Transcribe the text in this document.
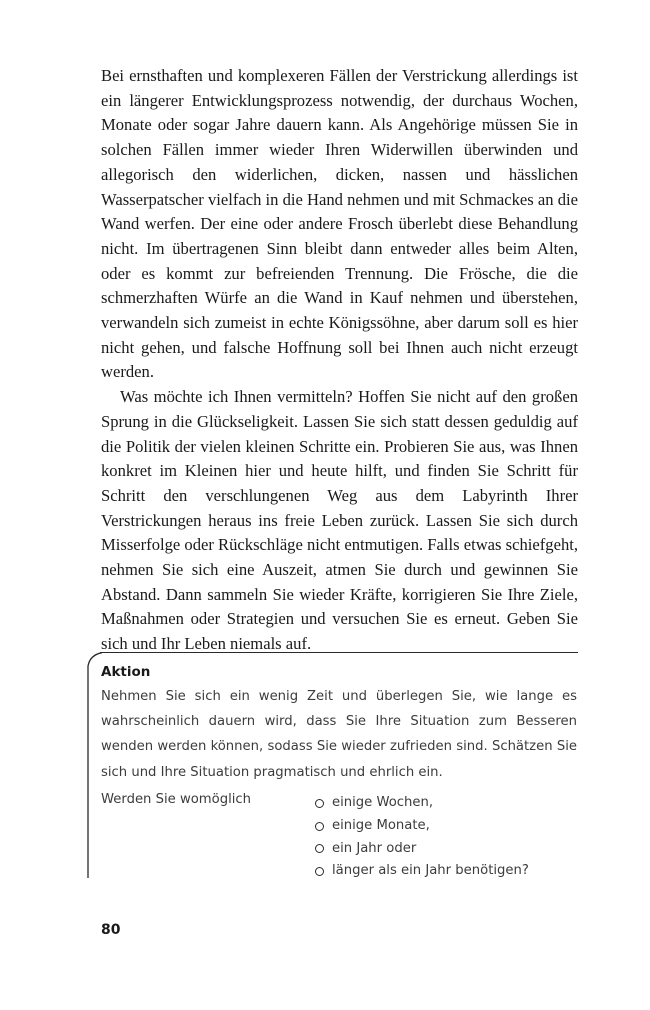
Bei ernsthaften und komplexeren Fällen der Verstrickung allerdings ist ein längerer Entwicklungsprozess notwendig, der durchaus Wochen, Monate oder sogar Jahre dauern kann. Als Angehörige müssen Sie in solchen Fällen immer wieder Ihren Widerwillen überwinden und allegorisch den widerlichen, dicken, nassen und hässlichen Wasserpatscher vielfach in die Hand nehmen und mit Schmackes an die Wand werfen. Der eine oder andere Frosch überlebt diese Behandlung nicht. Im übertragenen Sinn bleibt dann entweder alles beim Alten, oder es kommt zur befreienden Trennung. Die Frösche, die die schmerzhaften Würfe an die Wand in Kauf nehmen und überstehen, verwandeln sich zumeist in echte Königssöhne, aber darum soll es hier nicht gehen, und falsche Hoffnung soll bei Ihnen auch nicht erzeugt werden.

Was möchte ich Ihnen vermitteln? Hoffen Sie nicht auf den großen Sprung in die Glückseligkeit. Lassen Sie sich statt dessen geduldig auf die Politik der vielen kleinen Schritte ein. Probieren Sie aus, was Ihnen konkret im Kleinen hier und heute hilft, und finden Sie Schritt für Schritt den verschlungenen Weg aus dem Labyrinth Ihrer Verstrickungen heraus ins freie Leben zurück. Lassen Sie sich durch Misserfolge oder Rückschläge nicht entmutigen. Falls etwas schiefgeht, nehmen Sie sich eine Auszeit, atmen Sie durch und gewinnen Sie Abstand. Dann sammeln Sie wieder Kräfte, korrigieren Sie Ihre Ziele, Maßnahmen oder Strategien und versuchen Sie es erneut. Geben Sie sich und Ihr Leben niemals auf.

Aktion

Nehmen Sie sich ein wenig Zeit und überlegen Sie, wie lange es wahrscheinlich dauern wird, dass Sie Ihre Situation zum Besseren wenden werden können, sodass Sie wieder zufrieden sind. Schätzen Sie sich und Ihre Situation pragmatisch und ehrlich ein.

Werden Sie womöglich	einige Wochen,
einige Monate,
ein Jahr oder
länger als ein Jahr benötigen?
80
